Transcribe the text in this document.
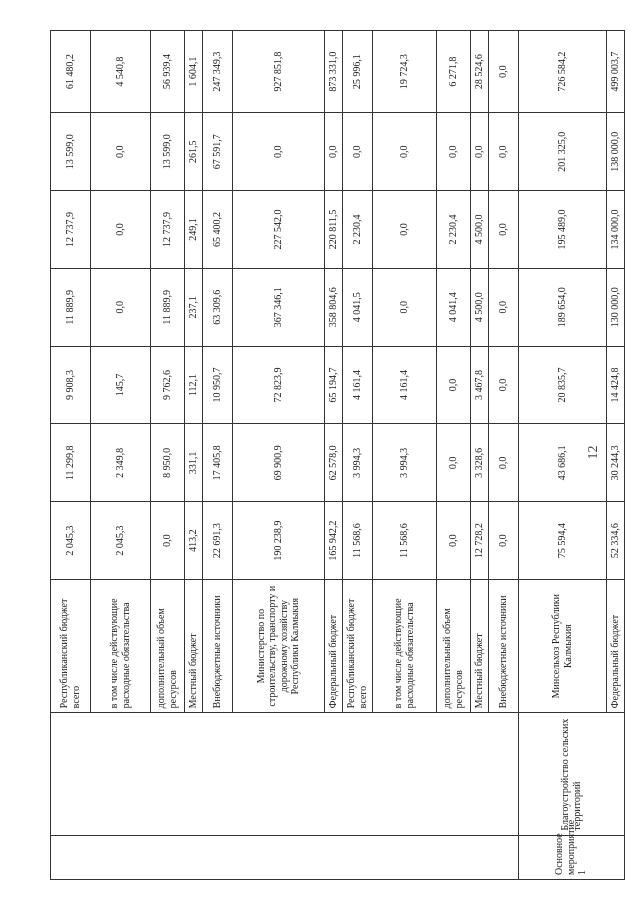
12
		Республиканский бюджет всего	2 045,3	11 299,8	9 908,3	11 889,9	12 737,9	13 599,0	61 480,2
		в том числе действующие расходные обязательства	2 045,3	2 349,8	145,7	0,0	0,0	0,0	4 540,8
		дополнительный объем ресурсов	0,0	8 950,0	9 762,6	11 889,9	12 737,9	13 599,0	56 939,4
		Местный бюджет	413,2	331,1	112,1	237,1	249,1	261,5	1 604,1
		Внебюджетные источники	22 691,3	17 405,8	10 950,7	63 309,6	65 400,2	67 591,7	247 349,3
		Министерство по строительству, транспорту и дорожному хозяйству Республики Калмыкия	190 238,9	69 900,9	72 823,9	367 346,1	227 542,0	0,0	927 851,8
		Федеральный бюджет	165 942,2	62 578,0	65 194,7	358 804,6	220 811,5	0,0	873 331,0
		Республиканский бюджет всего	11 568,6	3 994,3	4 161,4	4 041,5	2 230,4	0,0	25 996,1
		в том числе действующие расходные обязательства	11 568,6	3 994,3	4 161,4	0,0	0,0	0,0	19 724,3
		дополнительный объем ресурсов	0,0	0,0	0,0	4 041,4	2 230,4	0,0	6 271,8
		Местный бюджет	12 728,2	3 328,6	3 467,8	4 500,0	4 500,0	0,0	28 524,6
		Внебюджетные источники	0,0	0,0	0,0	0,0	0,0	0,0	0,0
Основное мероприятие 1	Благоустройство сельских территорий	Минсельхоз Республики Калмыкия	75 594,4	43 686,1	20 835,7	189 654,0	195 489,0	201 325,0	726 584,2
		Федеральный бюджет	52 334,6	30 244,3	14 424,8	130 000,0	134 000,0	138 000,0	499 003,7
